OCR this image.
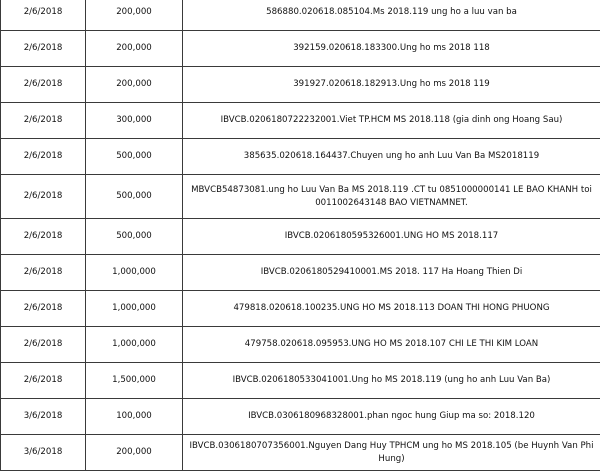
2/6/2018	200,000	586880.020618.085104.Ms 2018.119 ung ho a luu van ba
2/6/2018	200,000	392159.020618.183300.Ung ho ms 2018 118
2/6/2018	200,000	391927.020618.182913.Ung ho ms 2018 119
2/6/2018	300,000	IBVCB.0206180722232001.Viet TP.HCM MS 2018.118 (gia dinh ong Hoang Sau)
2/6/2018	500,000	385635.020618.164437.Chuyen ung ho anh Luu Van Ba MS2018119
2/6/2018	500,000	MBVCB54873081.ung ho Luu Van Ba MS 2018.119 .CT tu 0851000000141 LE BAO KHANH toi 0011002643148 BAO VIETNAMNET.
2/6/2018	500,000	IBVCB.0206180595326001.UNG HO MS 2018.117
2/6/2018	1,000,000	IBVCB.0206180529410001.MS 2018. 117 Ha Hoang Thien Di
2/6/2018	1,000,000	479818.020618.100235.UNG HO MS 2018.113 DOAN THI HONG PHUONG
2/6/2018	1,000,000	479758.020618.095953.UNG HO MS 2018.107 CHI LE THI KIM LOAN
2/6/2018	1,500,000	IBVCB.0206180533041001.Ung ho MS 2018.119 (ung ho anh Luu Van Ba)
3/6/2018	100,000	IBVCB.0306180968328001.phan ngoc hung Giup ma so: 2018.120
3/6/2018	200,000	IBVCB.0306180707356001.Nguyen Dang Huy TPHCM ung ho MS 2018.105 (be Huynh Van Phi Hung)
